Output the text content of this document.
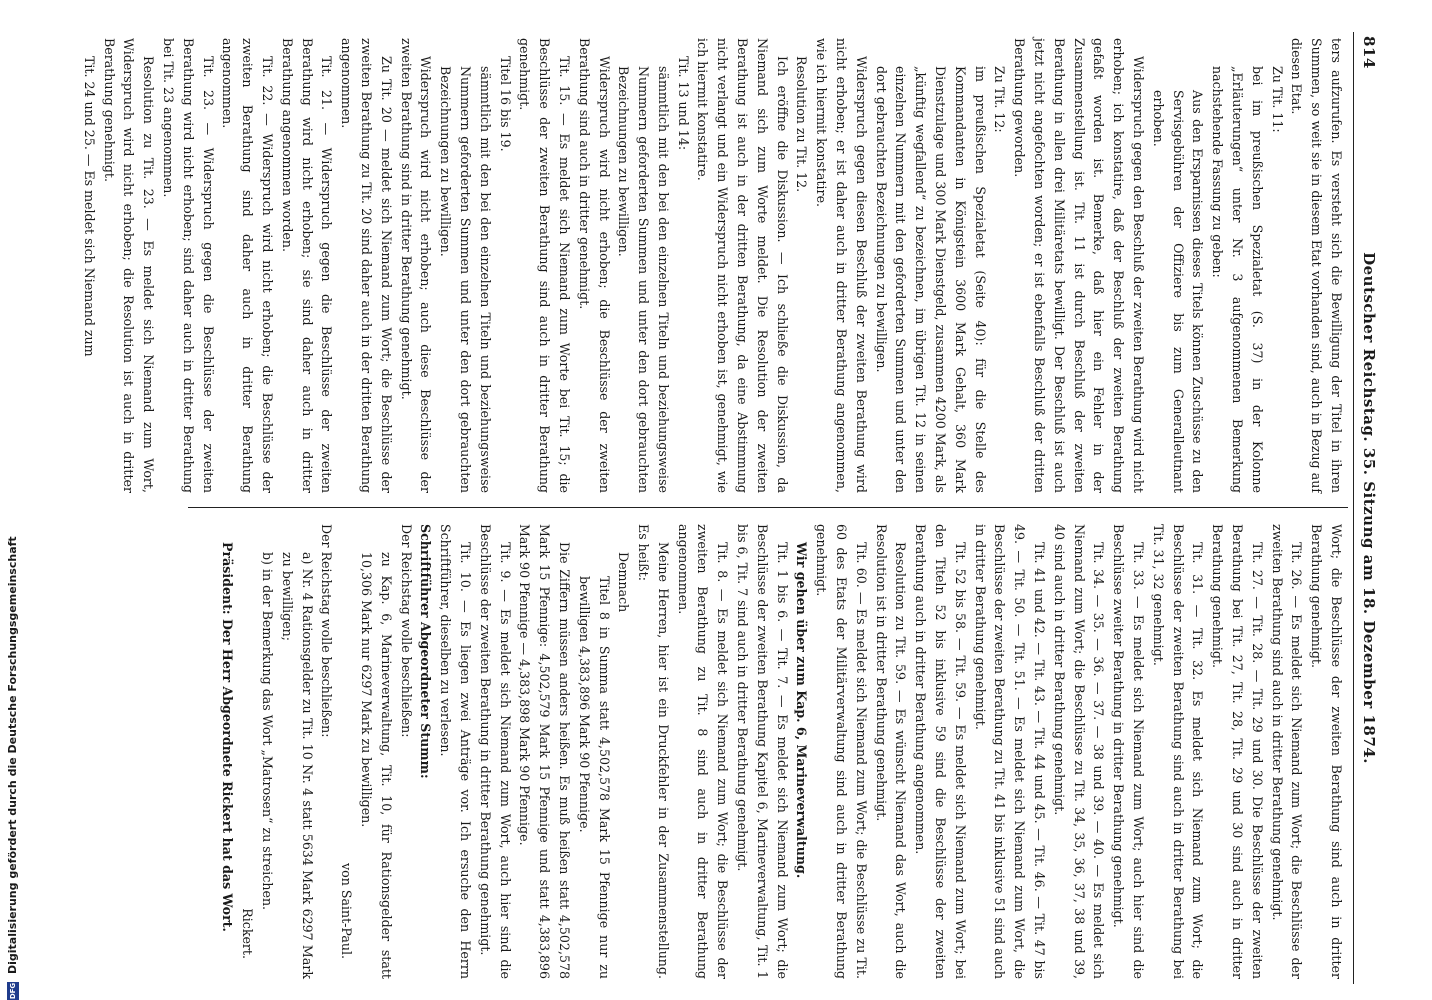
814
Deutscher Reichstag. 35. Sitzung am 18. Dezember 1874.

ters aufzurufen. Es versteht sich die Bewilligung der Titel in ihren Summen, so weit sie in diesem Etat vorhanden sind, auch in Bezug auf diesen Etat.

Zu Tit. 11:

bei im preußischen Spezialetat (S. 37) in der Kolonne „Erläuterungen“ unter Nr. 3 aufgenommenen Bemerkung nachstehende Fassung zu geben:

Aus den Ersparnissen dieses Titels können Zuschüsse zu den Servisgebühren der Offiziere bis zum Generalleutnant erhoben.

Widerspruch gegen den Beschluß der zweiten Berathung wird nicht erhoben; ich konstatire, daß der Beschluß der zweiten Berathung gefaßt worden ist. Bemerke, daß hier ein Fehler in der Zusammenstellung ist. Tit. 11 ist durch Beschluß der zweiten Berathung in allen drei Militäretats bewilligt. Der Beschluß ist auch jetzt nicht angefochten worden; er ist ebenfalls Beschluß der dritten Berathung geworden.

Zu Tit. 12:

im preußischen Spezialetat (Seite 40): für die Stelle des Kommandanten in Königstein 3600 Mark Gehalt, 360 Mark Dienstzulage und 300 Mark Dienstgeld, zusammen 4200 Mark, als „künftig wegfallend“ zu bezeichnen, im übrigen Tit. 12 in seinen einzelnen Nummern mit den geforderten Summen und unter den dort gebrauchten Bezeichnungen zu bewilligen.

Widerspruch gegen diesen Beschluß der zweiten Berathung wird nicht erhoben; er ist daher auch in dritter Berathung angenommen, wie ich hiermit konstatire.

Resolution zu Tit. 12.

Ich eröffne die Diskussion. — Ich schließe die Diskussion, da Niemand sich zum Worte meldet. Die Resolution der zweiten Berathung ist auch in der dritten Berathung, da eine Abstimmung nicht verlangt und ein Widerspruch nicht erhoben ist, genehmigt, wie ich hiermit konstatire.

Tit. 13 und 14:

sämmtlich mit den bei den einzelnen Titeln und beziehungsweise Nummern geforderten Summen und unter den dort gebrauchten Bezeichnungen zu bewilligen.

Widerspruch wird nicht erhoben; die Beschlüsse der zweiten Berathung sind auch in dritter genehmigt.

Tit. 15. — Es meldet sich Niemand zum Worte bei Tit. 15; die Beschlüsse der zweiten Berathung sind auch in dritter Berathung genehmigt.

Titel 16 bis 19.

sämmtlich mit den bei den einzelnen Titeln und beziehungsweise Nummern geforderten Summen und unter den dort gebrauchten Bezeichnungen zu bewilligen.

Widerspruch wird nicht erhoben; auch diese Beschlüsse der zweiten Berathung sind in dritter Berathung genehmigt.

Zu Tit. 20 — meldet sich Niemand zum Wort; die Beschlüsse der zweiten Berathung zu Tit. 20 sind daher auch in der dritten Berathung angenommen.

Tit. 21. — Widerspruch gegen die Beschlüsse der zweiten Berathung wird nicht erhoben; sie sind daher auch in dritter Berathung angenommen worden.

Tit. 22. — Widerspruch wird nicht erhoben; die Beschlüsse der zweiten Berathung sind daher auch in dritter Berathung angenommen.

Tit. 23. — Widerspruch gegen die Beschlüsse der zweiten Berathung wird nicht erhoben; sind daher auch in dritter Berathung bei Tit. 23 angenommen.

Resolution zu Tit. 23. — Es meldet sich Niemand zum Wort, Widerspruch wird nicht erhoben; die Resolution ist auch in dritter Berathung genehmigt.

Tit. 24 und 25. — Es meldet sich Niemand zum

Wort; die Beschlüsse der zweiten Berathung sind auch in dritter Berathung genehmigt.

Tit. 26. — Es meldet sich Niemand zum Wort; die Beschlüsse der zweiten Berathung sind auch in dritter Berathung genehmigt.

Tit. 27. — Tit. 28. — Tit. 29 und 30. Die Beschlüsse der zweiten Berathung bei Tit. 27, Tit. 28, Tit. 29 und 30 sind auch in dritter Berathung genehmigt.

Tit. 31. — Tit. 32. Es meldet sich Niemand zum Wort; die Beschlüsse der zweiten Berathung sind auch in dritter Berathung bei Tit. 31, 32 genehmigt.

Tit. 33. — Es meldet sich Niemand zum Wort; auch hier sind die Beschlüsse zweiter Berathung in dritter Berathung genehmigt.

Tit. 34. — 35. — 36. — 37. — 38 und 39. — 40. — Es meldet sich Niemand zum Wort; die Beschlüsse zu Tit. 34, 35, 36, 37, 38 und 39, 40 sind auch in dritter Berathung genehmigt.

Tit. 41 und 42. — Tit. 43. — Tit. 44 und 45. — Tit. 46. — Tit. 47 bis 49. — Tit. 50. — Tit. 51. — Es meldet sich Niemand zum Wort, die Beschlüsse der zweiten Berathung zu Tit. 41 bis inklusive 51 sind auch in dritter Berathung genehmigt.

Tit. 52 bis 58. — Tit. 59. — Es meldet sich Niemand zum Wort; bei den Titeln 52 bis inklusive 59 sind die Beschlüsse der zweiten Berathung auch in dritter Berathung angenommen.

Resolution zu Tit. 59. — Es wünscht Niemand das Wort, auch die Resolution ist in dritter Berathung genehmigt.

Tit. 60. — Es meldet sich Niemand zum Wort; die Beschlüsse zu Tit. 60 des Etats der Militärverwaltung sind auch in dritter Berathung genehmigt.

Wir gehen über zum Kap. 6, Marineverwaltung.

Tit. 1 bis 6. — Tit. 7. — Es meldet sich Niemand zum Wort; die Beschlüsse der zweiten Berathung Kapitel 6, Marineverwaltung, Tit. 1 bis 6, Tit. 7 sind auch in dritter Berathung genehmigt.

Tit. 8. — Es meldet sich Niemand zum Wort; die Beschlüsse der zweiten Berathung zu Tit. 8 sind auch in dritter Berathung angenommen.

Meine Herren, hier ist ein Druckfehler in der Zusammenstellung. Es heißt:

Demnach

Titel 8 in Summa statt 4,502,578 Mark 15 Pfennige nur zu bewilligen 4,383,896 Mark 90 Pfennige.

Die Ziffern müssen anders heißen. Es muß heißen statt 4,502,578 Mark 15 Pfennige: 4,502,579 Mark 15 Pfennige und statt 4,383,896 Mark 90 Pfennige — 4,383,898 Mark 90 Pfennige.

Tit. 9. — Es meldet sich Niemand zum Wort, auch hier sind die Beschlüsse der zweiten Berathung in dritter Berathung genehmigt.

Tit. 10. — Es liegen zwei Anträge vor. Ich ersuche den Herrn Schriftführer, dieselben zu verlesen.

Schriftführer Abgeordneter Stumm:

Der Reichstag wolle beschließen:

zu Kap. 6, Marineverwaltung, Tit. 10, für Rationsgelder statt 10,306 Mark nur 6297 Mark zu bewilligen.

von Saint-Paul.

Der Reichstag wolle beschließen:

a) Nr. 4 Rationsgelder zu Tit. 10 Nr. 4 statt 5634 Mark 6297 Mark zu bewilligen;

b) in der Bemerkung das Wort „Matrosen“ zu streichen.

Rickert.

Präsident: Der Herr Abgeordnete Rickert hat das Wort.

DFG
Digitalisierung gefördert durch die Deutsche Forschungsgemeinschaft
